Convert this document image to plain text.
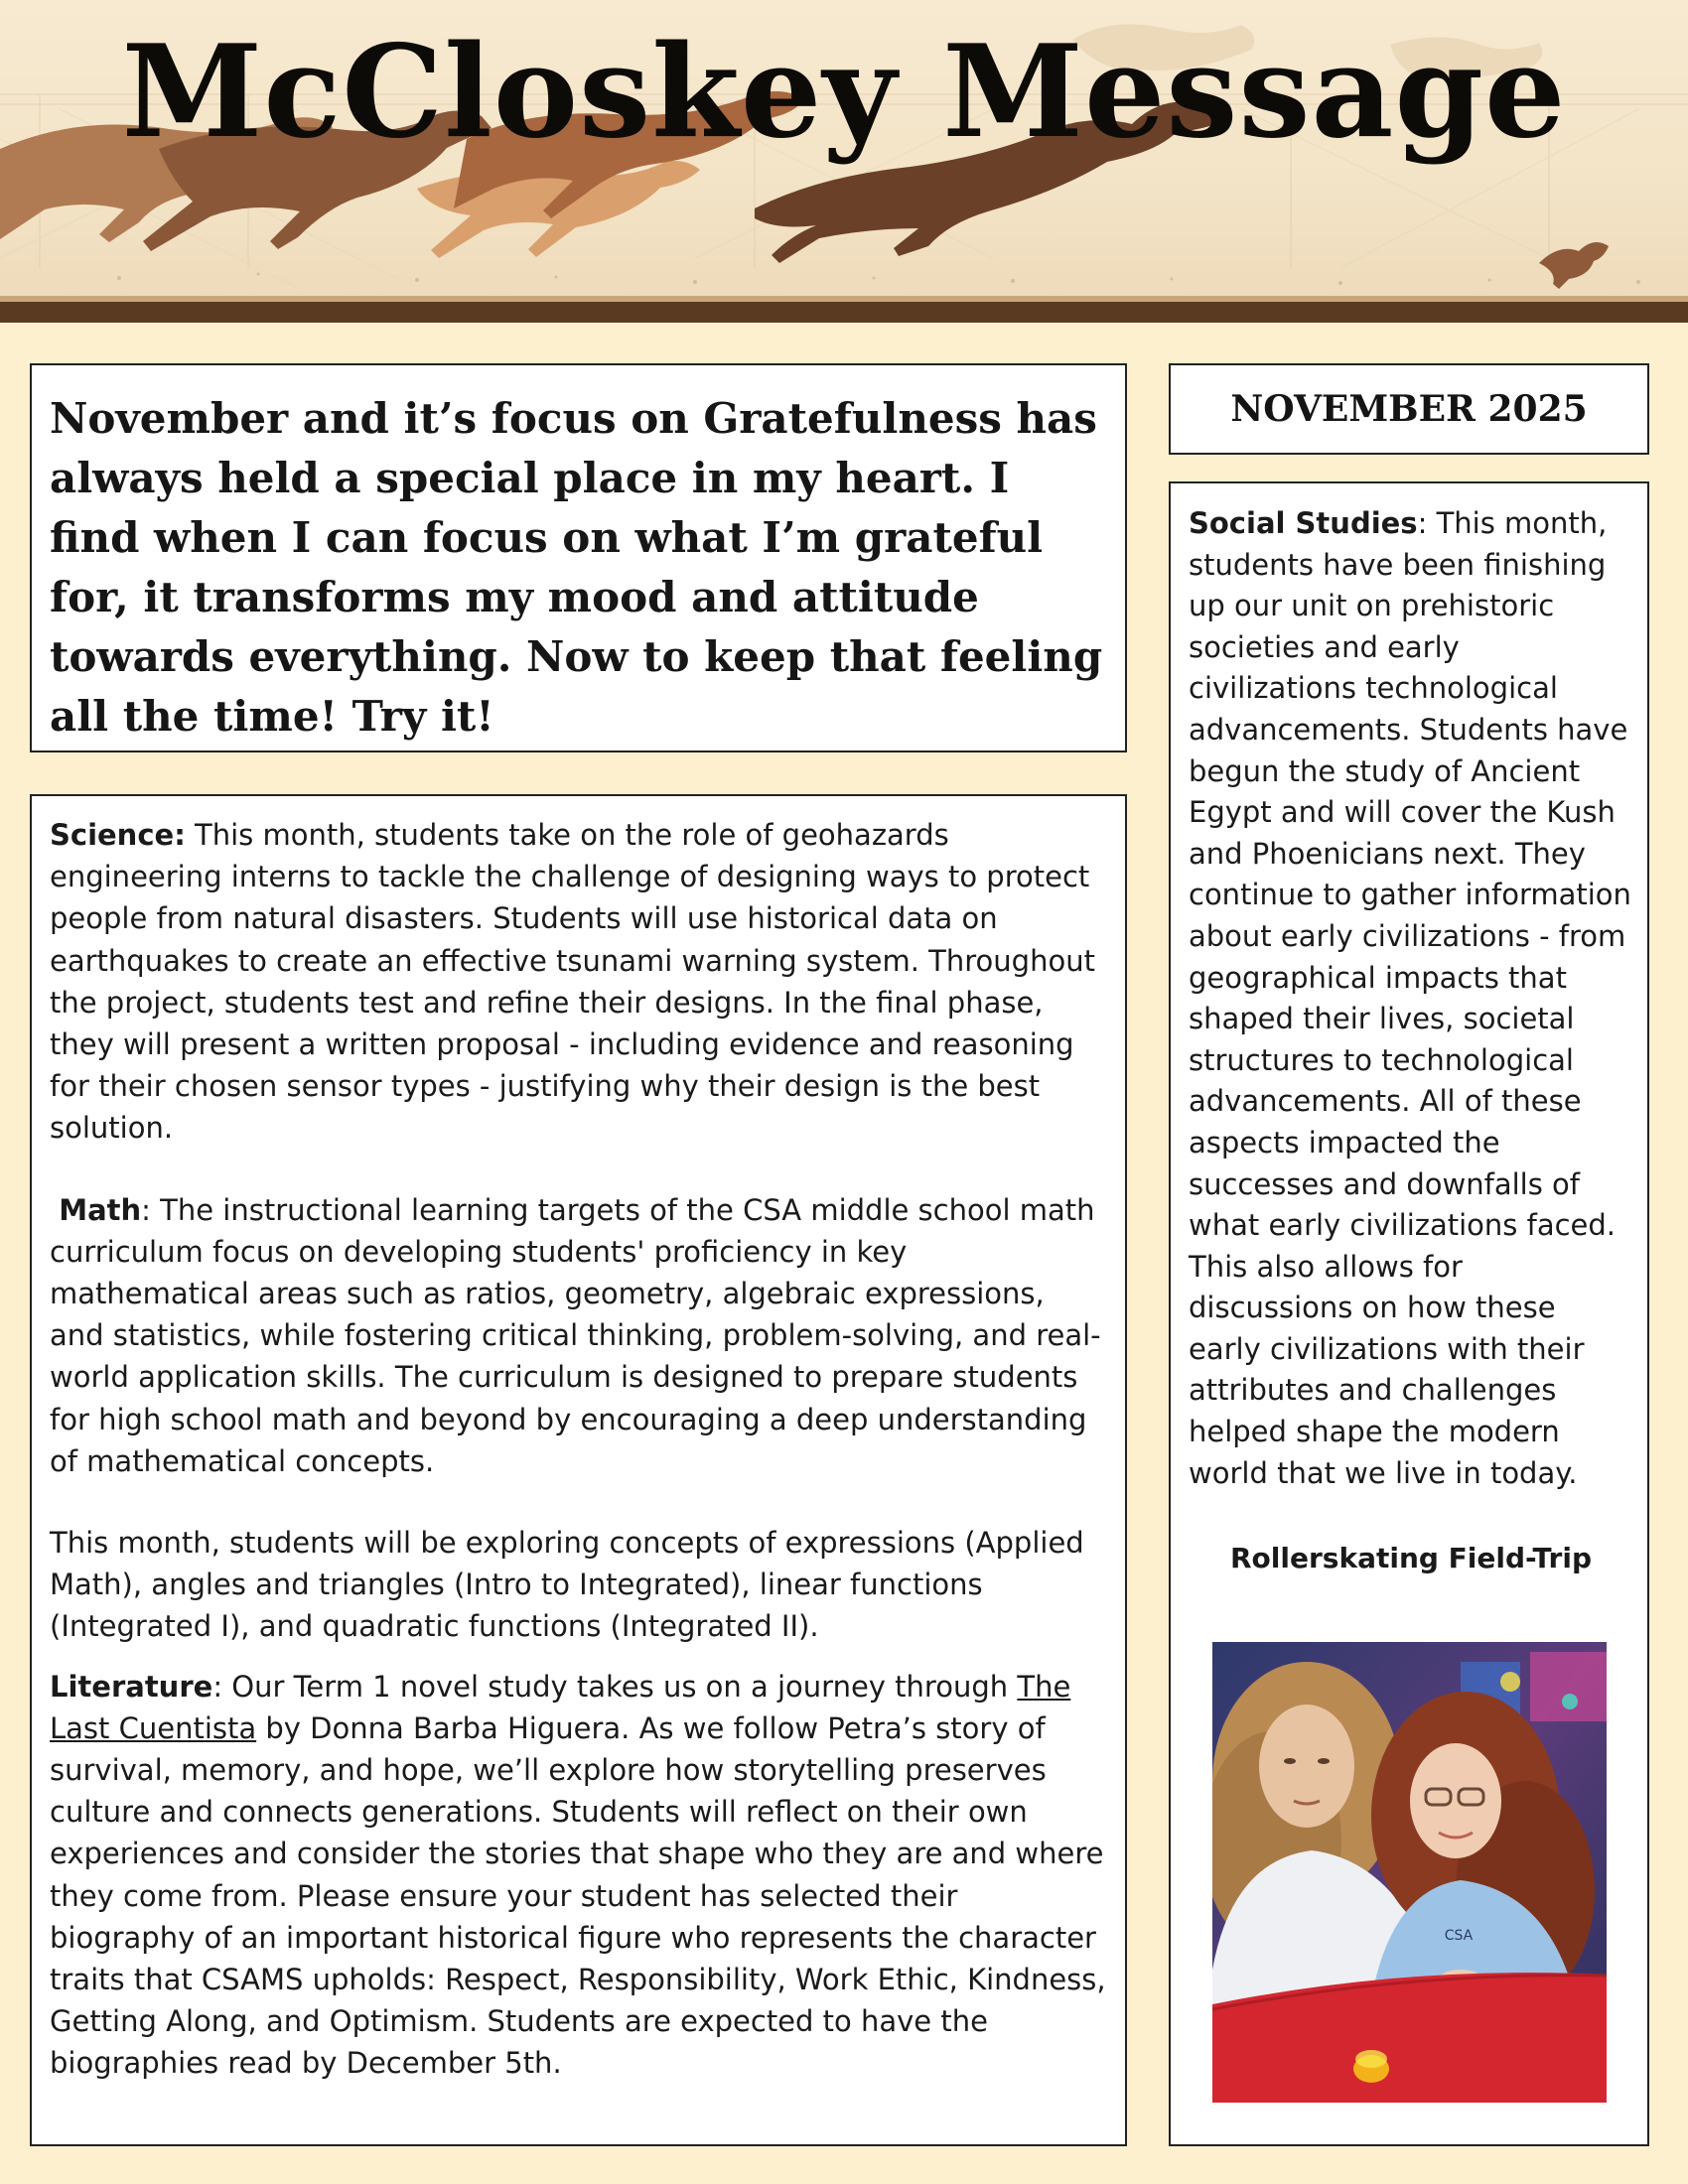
McCloskey Message
November and it’s focus on Gratefulness has always held a special place in my heart. I find when I can focus on what I’m grateful for, it transforms my mood and attitude towards everything. Now to keep that feeling all the time! Try it!

Science: This month, students take on the role of geohazards engineering interns to tackle the challenge of designing ways to protect people from natural disasters. Students will use historical data on earthquakes to create an effective tsunami warning system. Throughout the project, students test and refine their designs. In the final phase, they will present a written proposal - including evidence and reasoning for their chosen sensor types - justifying why their design is the best solution.

Math: The instructional learning targets of the CSA middle school math curriculum focus on developing students' proficiency in key mathematical areas such as ratios, geometry, algebraic expressions, and statistics, while fostering critical thinking, problem-solving, and real-world application skills. The curriculum is designed to prepare students for high school math and beyond by encouraging a deep understanding of mathematical concepts.

This month, students will be exploring concepts of expressions (Applied Math), angles and triangles (Intro to Integrated), linear functions (Integrated I), and quadratic functions (Integrated II).

Literature: Our Term 1 novel study takes us on a journey through The Last Cuentista by Donna Barba Higuera. As we follow Petra’s story of survival, memory, and hope, we’ll explore how storytelling preserves culture and connects generations. Students will reflect on their own experiences and consider the stories that shape who they are and where they come from. Please ensure your student has selected their biography of an important historical figure who represents the character traits that CSAMS upholds: Respect, Responsibility, Work Ethic, Kindness, Getting Along, and Optimism. Students are expected to have the biographies read by December 5th.

NOVEMBER 2025

Social Studies: This month, students have been finishing up our unit on prehistoric societies and early civilizations technological advancements. Students have begun the study of Ancient Egypt and will cover the Kush and Phoenicians next. They continue to gather information about early civilizations - from geographical impacts that shaped their lives, societal structures to technological advancements. All of these aspects impacted the successes and downfalls of what early civilizations faced. This also allows for discussions on how these early civilizations with their attributes and challenges helped shape the modern world that we live in today.

Rollerskating Field-Trip
CSA
